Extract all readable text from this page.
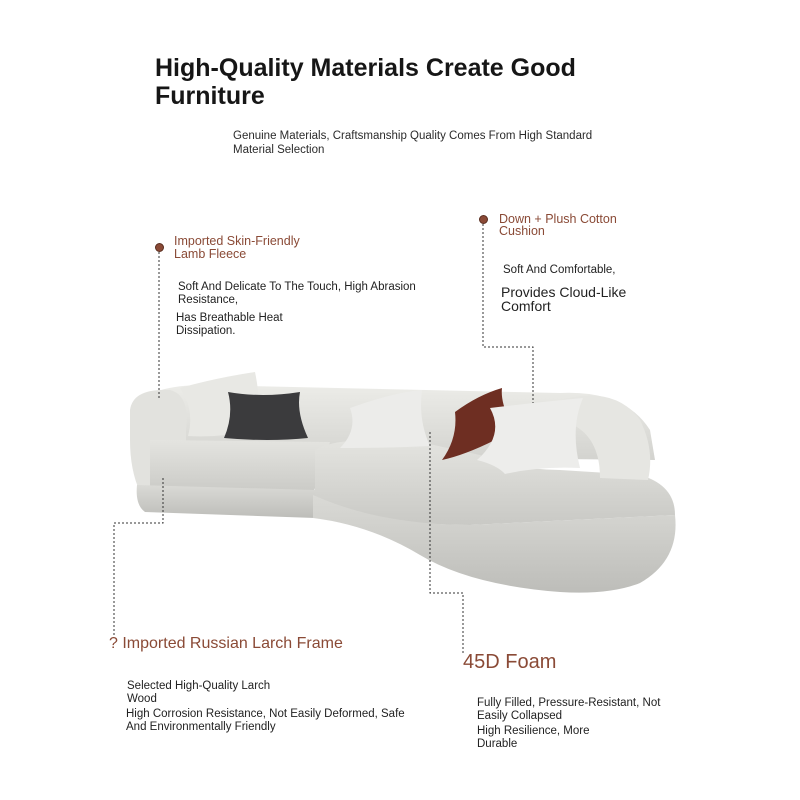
High-Quality Materials Create Good Furniture
Genuine Materials, Craftsmanship Quality Comes From High Standard Material Selection
Imported Skin-Friendly
Lamb Fleece
Soft And Delicate To The Touch, High Abrasion
Resistance,
Has Breathable Heat
Dissipation.
Down + Plush Cotton
Cushion
Soft And Comfortable,
Provides Cloud-Like
Comfort
? Imported Russian Larch Frame
Selected High-Quality Larch
Wood
High Corrosion Resistance, Not Easily Deformed, Safe
And Environmentally Friendly
45D Foam
Fully Filled, Pressure-Resistant, Not
Easily Collapsed
High Resilience, More
Durable
